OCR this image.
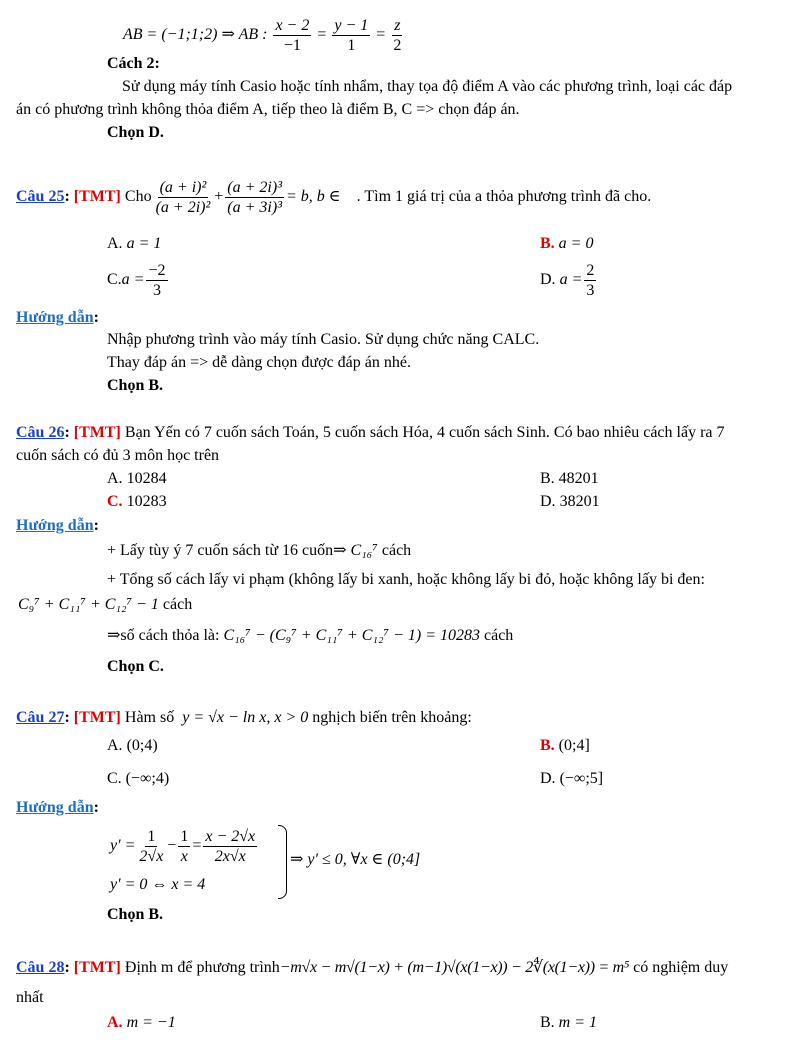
AB = (−1;1;2) ⇒ AB : $\frac{x - 2}{-1} = \frac{y - 1}{1} = \frac{z}{2}$
Cách 2:
Sử dụng máy tính Casio hoặc tính nhẩm, thay tọa độ điểm A vào các phương trình, loại các đáp
án có phương trình không thỏa điểm A, tiếp theo là điểm B, C => chọn đáp án.
Chọn D.
Câu 25: [TMT] Cho $\frac{\text{(a + i)²}}{\text{(a + 2i)²}} + \frac{\text{(a + 2i)³}}{\text{(a + 3i)³}} = b$, b ∈ . Tìm 1 giá trị của a thỏa phương trình đã cho.
A. a = 1	B. a = 0
$C.a = \frac{-2}{3}$	D. $a = \frac{2}{3}$
Hướng dẫn:
Nhập phương trình vào máy tính Casio. Sử dụng chức năng CALC.
Thay đáp án => dễ dàng chọn được đáp án nhé.
Chọn B.
Câu 26: [TMT] Bạn Yến có 7 cuốn sách Toán, 5 cuốn sách Hóa, 4 cuốn sách Sinh. Có bao nhiêu cách lấy ra 7
cuốn sách có đủ 3 môn học trên
A. 10284	B. 48201
C. 10283	D. 38201
Hướng dẫn:
+ Lấy tùy ý 7 cuốn sách từ 16 cuốn⇒ C₁₆⁷ cách
+ Tổng số cách lấy vi phạm (không lấy bi xanh, hoặc không lấy bi đỏ, hoặc không lấy bi đen:
C₉⁷ + C₁₁⁷ + C₁₂⁷ − 1 cách
⇒số cách thỏa là: C₁₆⁷ − (C₉⁷ + C₁₁⁷ + C₁₂⁷ − 1) = 10283 cách
Chọn C.
Câu 27: [TMT] Hàm số y = √x − ln x, x > 0 nghịch biến trên khoảng:
A. (0;4)	B. (0;4]
C. (−∞;4)	D. (−∞;5]
Hướng dẫn:
$y' = \frac{1}{2√x} - \frac{1}{x} = \frac{x - 2√x}{2x√x}$
y′ = 0 ⇔ x = 4
⇒ y′ ≤ 0, ∀x ∈ (0;4]
Chọn B.
Câu 28: [TMT] Định m để phương trình−m√x − m√(1−x) + (m−1)√(x(1−x)) − 2∜(x(1−x)) = m⁵ có nghiệm duy
nhất
A. m = −1	B. m = 1
